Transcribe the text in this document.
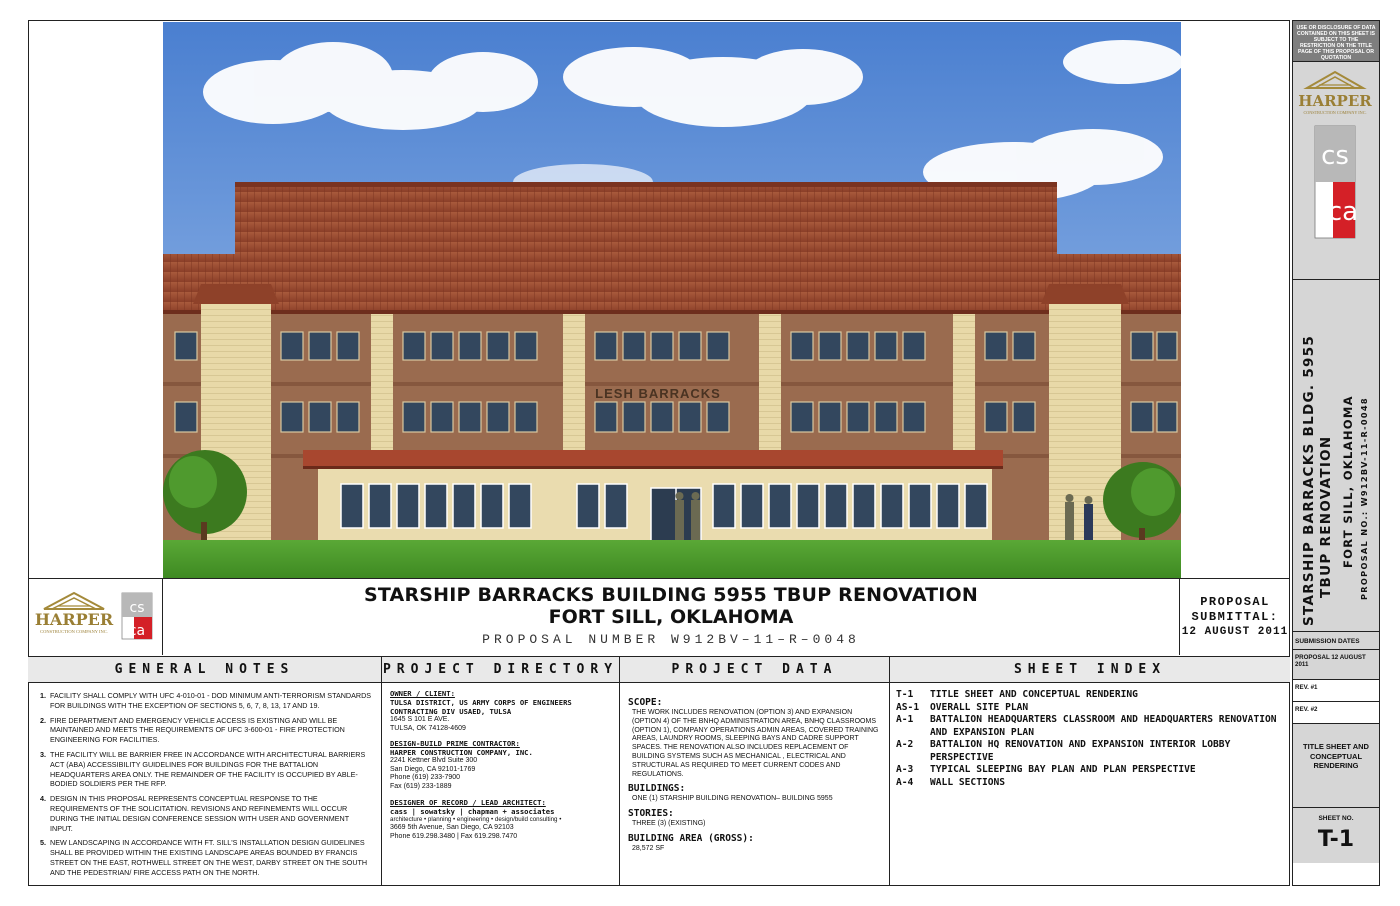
LESH BARRACKS
HARPER
CONSTRUCTION COMPANY INC.
cs
ca
STARSHIP BARRACKS BUILDING 5955 TBUP RENOVATION
FORT SILL, OKLAHOMA
PROPOSAL NUMBER W912BV–11–R–0048
PROPOSAL
SUBMITTAL:
12 AUGUST 2011
GENERAL NOTES
1. FACILITY SHALL COMPLY WITH UFC 4-010-01 - DOD MINIMUM ANTI-TERRORISM STANDARDS FOR BUILDINGS WITH THE EXCEPTION OF SECTIONS 5, 6, 7, 8, 13, 17 AND 19.
2. FIRE DEPARTMENT AND EMERGENCY VEHICLE ACCESS IS EXISTING AND WILL BE MAINTAINED AND MEETS THE REQUIREMENTS OF UFC 3-600-01 - FIRE PROTECTION ENGINEERING FOR FACILITIES.
3. THE FACILITY WILL BE BARRIER FREE IN ACCORDANCE WITH ARCHITECTURAL BARRIERS ACT (ABA) ACCESSIBILITY GUIDELINES FOR BUILDINGS FOR THE BATTALION HEADQUARTERS AREA ONLY. THE REMAINDER OF THE FACILITY IS OCCUPIED BY ABLE-BODIED SOLDIERS PER THE RFP.
4. DESIGN IN THIS PROPOSAL REPRESENTS CONCEPTUAL RESPONSE TO THE REQUIREMENTS OF THE SOLICITATION. REVISIONS AND REFINEMENTS WILL OCCUR DURING THE INITIAL DESIGN CONFERENCE SESSION WITH USER AND GOVERNMENT INPUT.
5. NEW LANDSCAPING IN ACCORDANCE WITH FT. SILL'S INSTALLATION DESIGN GUIDELINES SHALL BE PROVIDED WITHIN THE EXISTING LANDSCAPE AREAS BOUNDED BY FRANCIS STREET ON THE EAST, ROTHWELL STREET ON THE WEST, DARBY STREET ON THE SOUTH AND THE PEDESTRIAN/ FIRE ACCESS PATH ON THE NORTH.
PROJECT DIRECTORY
OWNER / CLIENT:
TULSA DISTRICT, US ARMY CORPS OF ENGINEERS
CONTRACTING DIV USAED, TULSA
1645 S 101 E AVE.
TULSA, OK 74128-4609
DESIGN-BUILD PRIME CONTRACTOR:
HARPER CONSTRUCTION COMPANY, INC.
2241 Kettner Blvd Suite 300
San Diego, CA 92101-1769
Phone (619) 233-7900
Fax (619) 233-1889
DESIGNER OF RECORD / LEAD ARCHITECT:
cass | sowatsky | chapman + associates
architecture • planning • engineering • design/build consulting •
3669 5th Avenue, San Diego, CA 92103
Phone 619.298.3480 | Fax 619.298.7470
PROJECT DATA
SCOPE:
THE WORK INCLUDES RENOVATION (OPTION 3) AND EXPANSION (OPTION 4) OF THE BNHQ ADMINISTRATION AREA, BNHQ CLASSROOMS (OPTION 1), COMPANY OPERATIONS ADMIN AREAS, COVERED TRAINING AREAS, LAUNDRY ROOMS, SLEEPING BAYS AND CADRE SUPPORT SPACES. THE RENOVATION ALSO INCLUDES REPLACEMENT OF BUILDING SYSTEMS SUCH AS MECHANICAL , ELECTRICAL AND STRUCTURAL AS REQUIRED TO MEET CURRENT CODES AND REGULATIONS.
BUILDINGS:
ONE (1) STARSHIP BUILDING RENOVATION– BUILDING 5955
STORIES:
THREE (3) (EXISTING)
BUILDING AREA (GROSS):
28,572 SF
SHEET INDEX
T-1	TITLE SHEET AND CONCEPTUAL RENDERING
AS-1	OVERALL SITE PLAN
A-1	BATTALION HEADQUARTERS CLASSROOM AND HEADQUARTERS RENOVATION AND EXPANSION PLAN
A-2	BATTALION HQ RENOVATION AND EXPANSION INTERIOR LOBBY PERSPECTIVE
A-3	TYPICAL SLEEPING BAY PLAN AND PLAN PERSPECTIVE
A-4	WALL SECTIONS
USE OR DISCLOSURE OF DATA CONTAINED ON THIS SHEET IS SUBJECT TO THE RESTRICTION ON THE TITLE PAGE OF THIS PROPOSAL OR QUOTATION
HARPER
CONSTRUCTION COMPANY INC.
cs
ca
STARSHIP BARRACKS BLDG. 5955 TBUP RENOVATION FORT SILL, OKLAHOMA PROPOSAL NO.: W912BV-11-R-0048
SUBMISSION DATES
PROPOSAL 12 AUGUST 2011
REV. #1
REV. #2
TITLE SHEET AND CONCEPTUAL RENDERING
SHEET NO.
T-1
